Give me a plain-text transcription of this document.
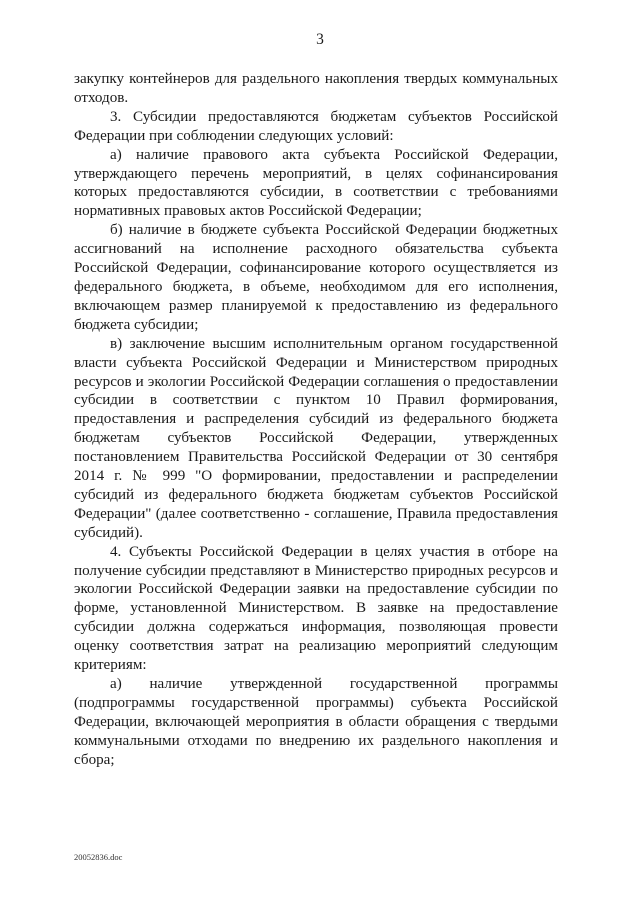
3

закупку контейнеров для раздельного накопления твердых коммунальных отходов.

3. Субсидии предоставляются бюджетам субъектов Российской Федерации при соблюдении следующих условий:

а) наличие правового акта субъекта Российской Федерации, утверждающего перечень мероприятий, в целях софинансирования которых предоставляются субсидии, в соответствии с требованиями нормативных правовых актов Российской Федерации;

б) наличие в бюджете субъекта Российской Федерации бюджетных ассигнований на исполнение расходного обязательства субъекта Российской Федерации, софинансирование которого осуществляется из федерального бюджета, в объеме, необходимом для его исполнения, включающем размер планируемой к предоставлению из федерального бюджета субсидии;

в) заключение высшим исполнительным органом государственной власти субъекта Российской Федерации и Министерством природных ресурсов и экологии Российской Федерации соглашения о предоставлении субсидии в соответствии с пунктом 10 Правил формирования, предоставления и распределения субсидий из федерального бюджета бюджетам субъектов Российской Федерации, утвержденных постановлением Правительства Российской Федерации от 30 сентября 2014 г. № 999 "О формировании, предоставлении и распределении субсидий из федерального бюджета бюджетам субъектов Российской Федерации" (далее соответственно - соглашение, Правила предоставления субсидий).

4. Субъекты Российской Федерации в целях участия в отборе на получение субсидии представляют в Министерство природных ресурсов и экологии Российской Федерации заявки на предоставление субсидии по форме, установленной Министерством. В заявке на предоставление субсидии должна содержаться информация, позволяющая провести оценку соответствия затрат на реализацию мероприятий следующим критериям:

а) наличие утвержденной государственной программы (подпрограммы государственной программы) субъекта Российской Федерации, включающей мероприятия в области обращения с твердыми коммунальными отходами по внедрению их раздельного накопления и сбора;

20052836.doc
